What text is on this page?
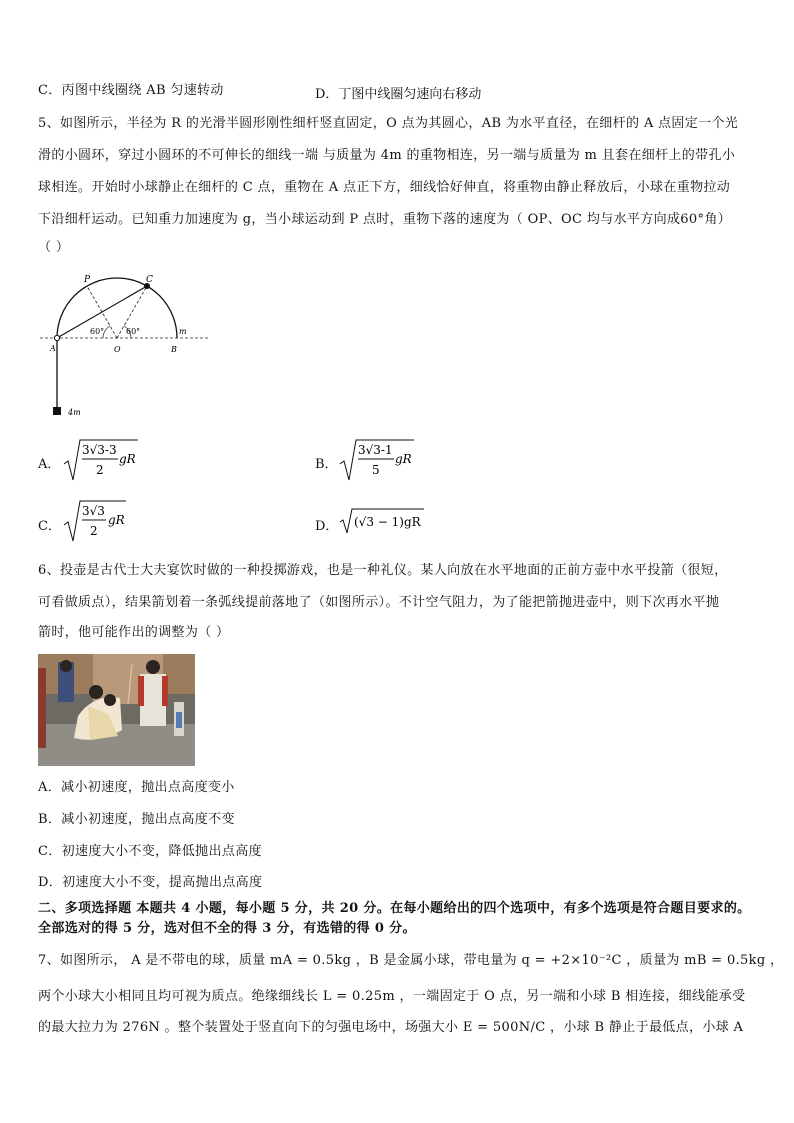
C．丙图中线圈绕 AB 匀速转动	D．丁图中线圈匀速向右移动
5、如图所示，半径为 R 的光滑半圆形刚性细杆竖直固定，O 点为其圆心，AB 为水平直径，在细杆的 A 点固定一个光
滑的小圆环，穿过小圆环的不可伸长的细线一端 与质量为 4m 的重物相连，另一端与质量为 m 且套在细杆上的带孔小
球相连。开始时小球静止在细杆的 C 点，重物在 A 点正下方，细线恰好伸直，将重物由静止释放后，小球在重物拉动
下沿细杆运动。已知重力加速度为 g，当小球运动到 P 点时，重物下落的速度为（ OP、OC 均与水平方向成60°角）
（ ）
P	C
A	O	B
m
60°	60°
4m
A．
3√3-3
2
gR	B．
3√3-1
5
gR
C．
3√3
2
gR	D． (√3 − 1)gR
6、投壶是古代士大夫宴饮时做的一种投掷游戏，也是一种礼仪。某人向放在水平地面的正前方壶中水平投箭（很短，
可看做质点），结果箭划着一条弧线提前落地了（如图所示）。不计空气阻力，为了能把箭抛进壶中，则下次再水平抛
箭时，他可能作出的调整为（ ）
A．减小初速度，抛出点高度变小
B．减小初速度，抛出点高度不变
C．初速度大小不变，降低抛出点高度
D．初速度大小不变，提高抛出点高度
二、多项选择题 本题共 4 小题，每小题 5 分，共 20 分。在每小题给出的四个选项中，有多个选项是符合题目要求的。
全部选对的得 5 分，选对但不全的得 3 分，有选错的得 0 分。
7、如图所示， A 是不带电的球，质量 mA = 0.5kg ，B 是金属小球，带电量为 q = +2×10⁻²C ，质量为 mB = 0.5kg ，
两个小球大小相同且均可视为质点。绝缘细线长 L = 0.25m ，一端固定于 O 点，另一端和小球 B 相连接，细线能承受
的最大拉力为 276N 。整个装置处于竖直向下的匀强电场中，场强大小 E = 500N/C ，小球 B 静止于最低点，小球 A
